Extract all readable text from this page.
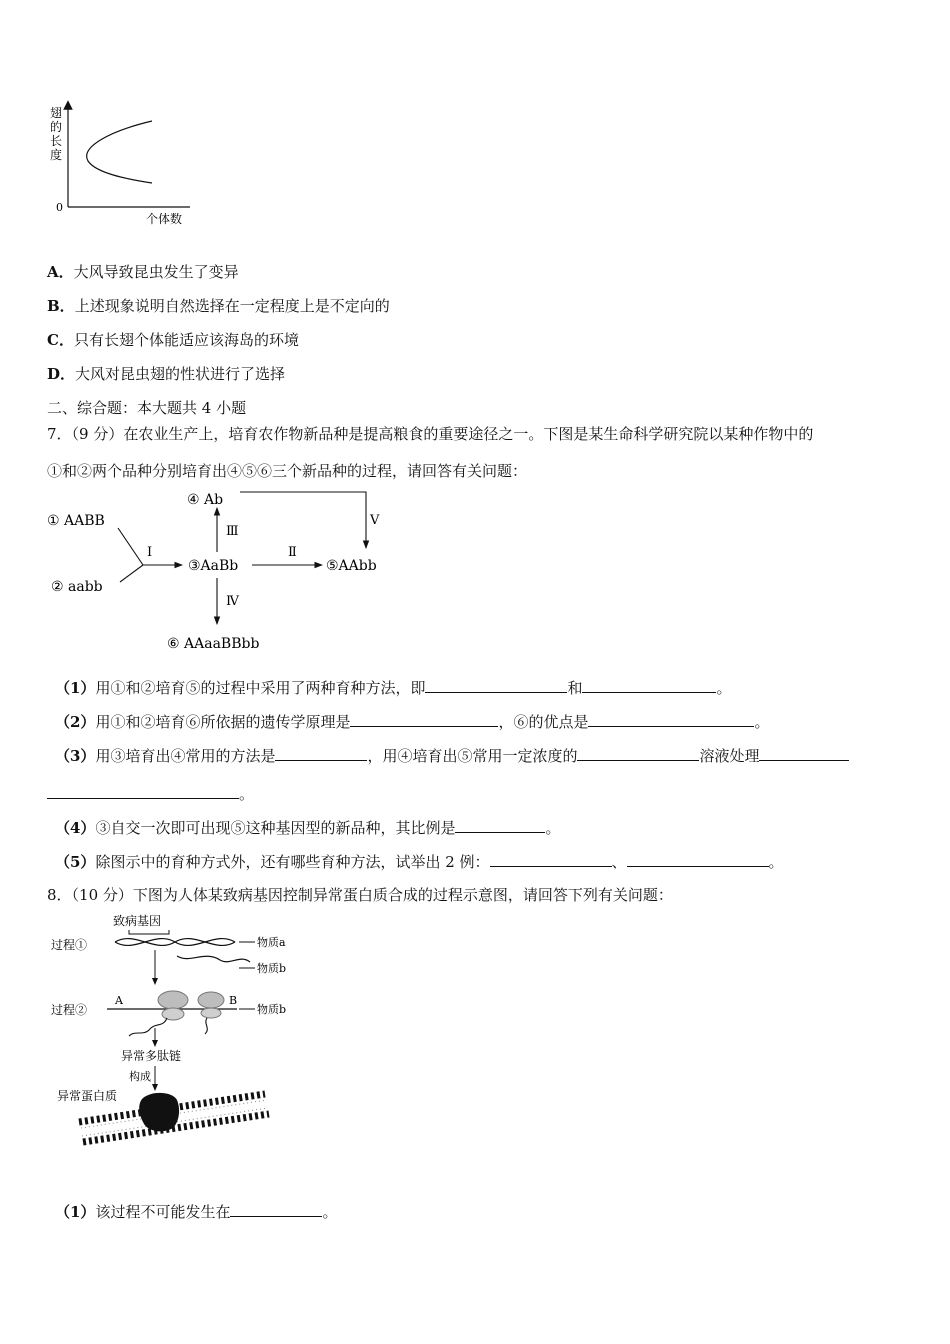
翅
的
长
度
0
个体数
A．大风导致昆虫发生了变异
B．上述现象说明自然选择在一定程度上是不定向的
C．只有长翅个体能适应该海岛的环境
D．大风对昆虫翅的性状进行了选择
二、综合题：本大题共 4 小题
7．（9 分）在农业生产上，培育农作物新品种是提高粮食的重要途径之一。下图是某生命科学研究院以某种作物中的
①和②两个品种分别培育出④⑤⑥三个新品种的过程，请回答有关问题：
① AABB
② aabb
Ⅰ
③AaBb
Ⅱ
⑤AAbb
Ⅲ
④ Ab
Ⅴ
Ⅳ
⑥ AAaaBBbb
（1）用①和②培育⑤的过程中采用了两种育种方法，即	和	。
（2）用①和②培育⑥所依据的遗传学原理是	，⑥的优点是	。
（3）用③培育出④常用的方法是	，用④培育出⑤常用一定浓度的	溶液处理
。
（4）③自交一次即可出现⑤这种基因型的新品种，其比例是	。
（5）除图示中的育种方式外，还有哪些育种方法，试举出 2 例：	、	。
8．（10 分）下图为人体某致病基因控制异常蛋白质合成的过程示意图，请回答下列有关问题：
致病基因
过程①	物质a
物质b
过程②
A	B
物质b
异常多肽链
构成
异常蛋白质
（1）该过程不可能发生在	。
